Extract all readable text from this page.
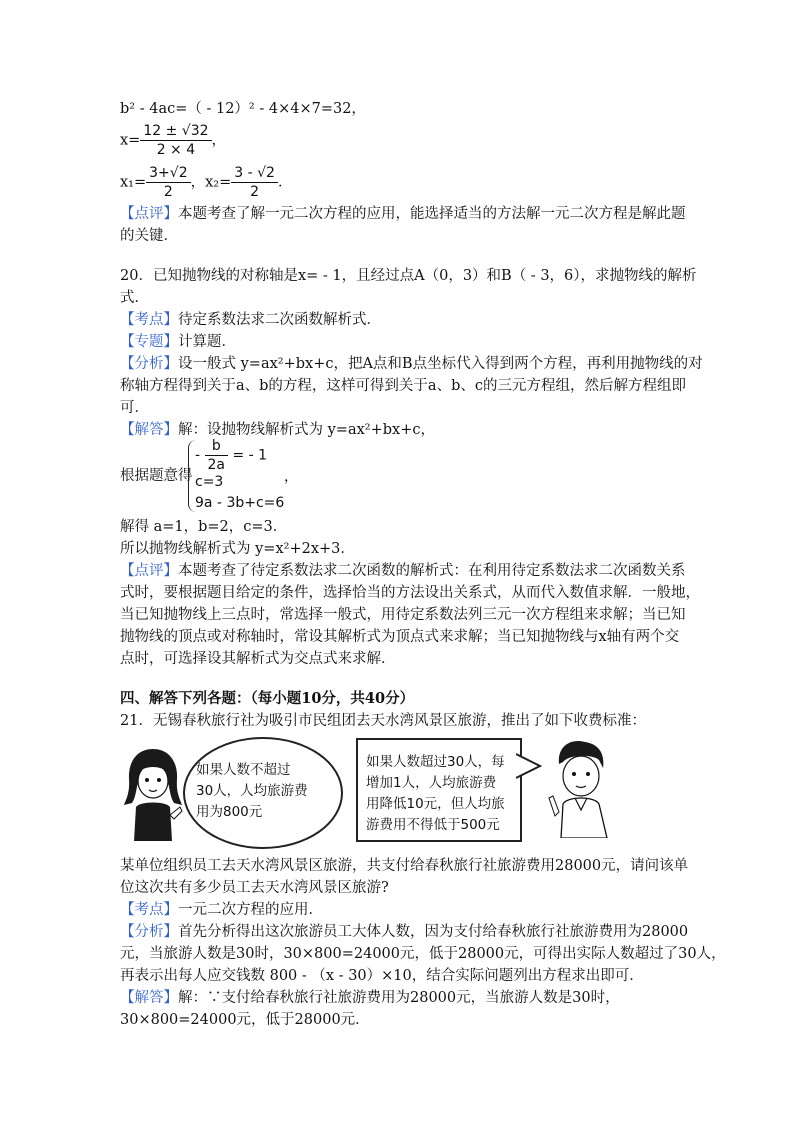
b² - 4ac=（ - 12）² - 4×4×7=32，
$x= \frac{12 \pm √32}{2 \times 4}$ ，
$x_1= \frac{3+√2}{2}$ ，$x_2= \frac{3 - √2}{2}$ ．
【点评】本题考查了解一元二次方程的应用，能选择适当的方法解一元二次方程是解此题
的关键．
20．已知抛物线的对称轴是x= - 1，且经过点A（0，3）和B（ - 3，6），求抛物线的解析
式．
【考点】待定系数法求二次函数解析式．
【专题】计算题．
【分析】设一般式 y=ax²+bx+c，把A点和B点坐标代入得到两个方程，再利用抛物线的对
称轴方程得到关于a、b的方程，这样可得到关于a、b、c的三元方程组，然后解方程组即
可．
【解答】解：设抛物线解析式为 y=ax²+bx+c，
根据题意得
- $\frac{b}{2a}$ = - 1
c=3
9a - 3b+c=6
，
解得 a=1，b=2，c=3．
所以抛物线解析式为 y=x²+2x+3．
【点评】本题考查了待定系数法求二次函数的解析式：在利用待定系数法求二次函数关系
式时，要根据题目给定的条件，选择恰当的方法设出关系式，从而代入数值求解．一般地，
当已知抛物线上三点时，常选择一般式，用待定系数法列三元一次方程组来求解；当已知
抛物线的顶点或对称轴时，常设其解析式为顶点式来求解；当已知抛物线与x轴有两个交
点时，可选择设其解析式为交点式来求解．
四、解答下列各题：（每小题10分，共40分）
21．无锡春秋旅行社为吸引市民组团去天水湾风景区旅游，推出了如下收费标准：
如果人数不超过
30人，人均旅游费
用为800元
如果人数超过30人，每
增加1人，人均旅游费
用降低10元，但人均旅
游费用不得低于500元
某单位组织员工去天水湾风景区旅游，共支付给春秋旅行社旅游费用28000元，请问该单
位这次共有多少员工去天水湾风景区旅游?
【考点】一元二次方程的应用．
【分析】首先分析得出这次旅游员工大体人数，因为支付给春秋旅行社旅游费用为28000
元，当旅游人数是30时，30×800=24000元，低于28000元，可得出实际人数超过了30人，
再表示出每人应交钱数 800 - （x - 30）×10，结合实际问题列出方程求出即可．
【解答】解：∵支付给春秋旅行社旅游费用为28000元，当旅游人数是30时，
30×800=24000元，低于28000元．
